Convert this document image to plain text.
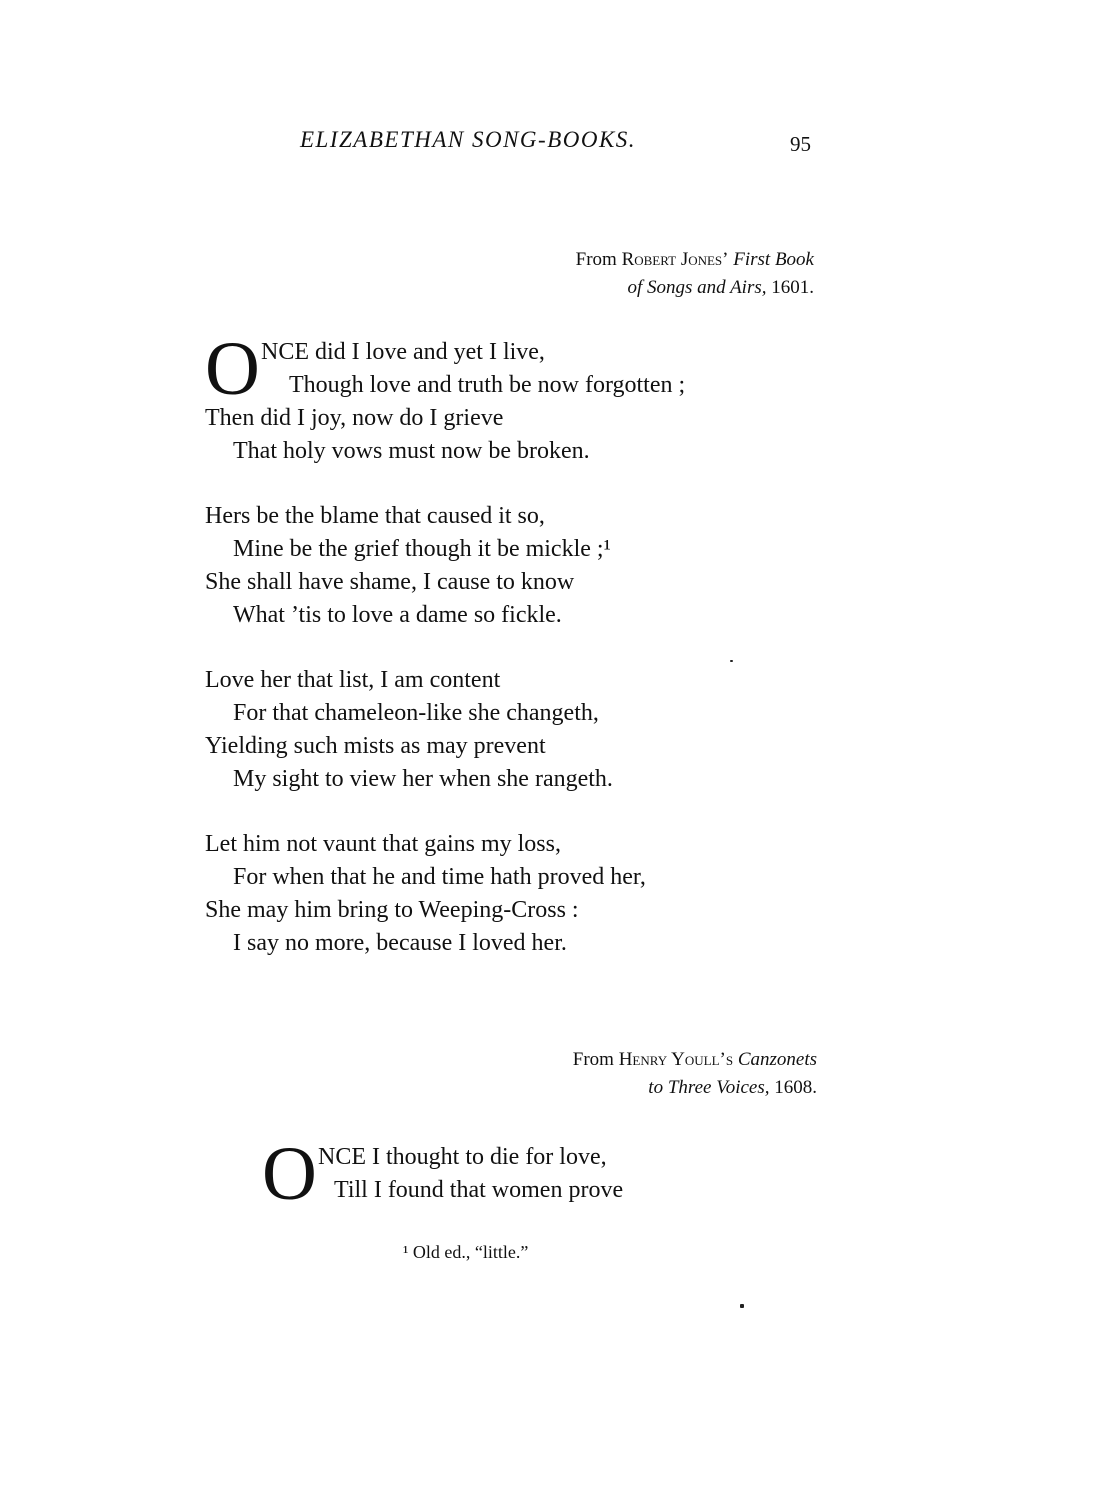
ELIZABETHAN SONG-BOOKS.	95
From Robert Jones’ First Book
of Songs and Airs, 1601.
O NCE did I love and yet I live,
Though love and truth be now forgotten ;
Then did I joy, now do I grieve
That holy vows must now be broken.
Hers be the blame that caused it so,
Mine be the grief though it be mickle ;¹
She shall have shame, I cause to know
What ’tis to love a dame so fickle.
Love her that list, I am content
For that chameleon-like she changeth,
Yielding such mists as may prevent
My sight to view her when she rangeth.
Let him not vaunt that gains my loss,
For when that he and time hath proved her,
She may him bring to Weeping-Cross :
I say no more, because I loved her.
From Henry Youll’s Canzonets
to Three Voices, 1608.
O NCE I thought to die for love,
Till I found that women prove
¹ Old ed., “little.”
